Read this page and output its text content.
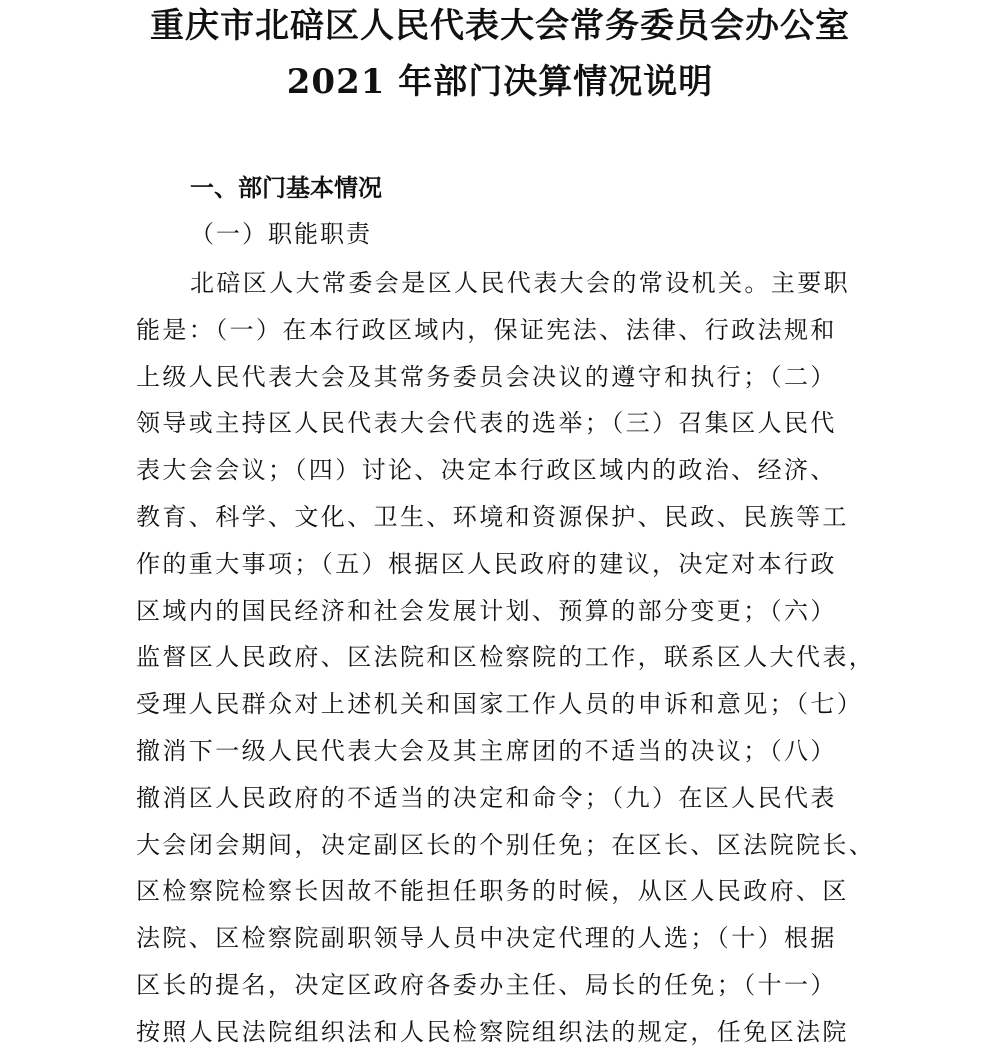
重庆市北碚区人民代表大会常务委员会办公室
2021 年部门决算情况说明
一、部门基本情况
（一）职能职责
北碚区人大常委会是区人民代表大会的常设机关。主要职
能是：（一）在本行政区域内，保证宪法、法律、行政法规和
上级人民代表大会及其常务委员会决议的遵守和执行；（二）
领导或主持区人民代表大会代表的选举；（三）召集区人民代
表大会会议；（四）讨论、决定本行政区域内的政治、经济、
教育、科学、文化、卫生、环境和资源保护、民政、民族等工
作的重大事项；（五）根据区人民政府的建议，决定对本行政
区域内的国民经济和社会发展计划、预算的部分变更；（六）
监督区人民政府、区法院和区检察院的工作，联系区人大代表，
受理人民群众对上述机关和国家工作人员的申诉和意见；（七）
撤消下一级人民代表大会及其主席团的不适当的决议；（八）
撤消区人民政府的不适当的决定和命令；（九）在区人民代表
大会闭会期间，决定副区长的个别任免；在区长、区法院院长、
区检察院检察长因故不能担任职务的时候，从区人民政府、区
法院、区检察院副职领导人员中决定代理的人选；（十）根据
区长的提名，决定区政府各委办主任、局长的任免；（十一）
按照人民法院组织法和人民检察院组织法的规定，任免区法院
